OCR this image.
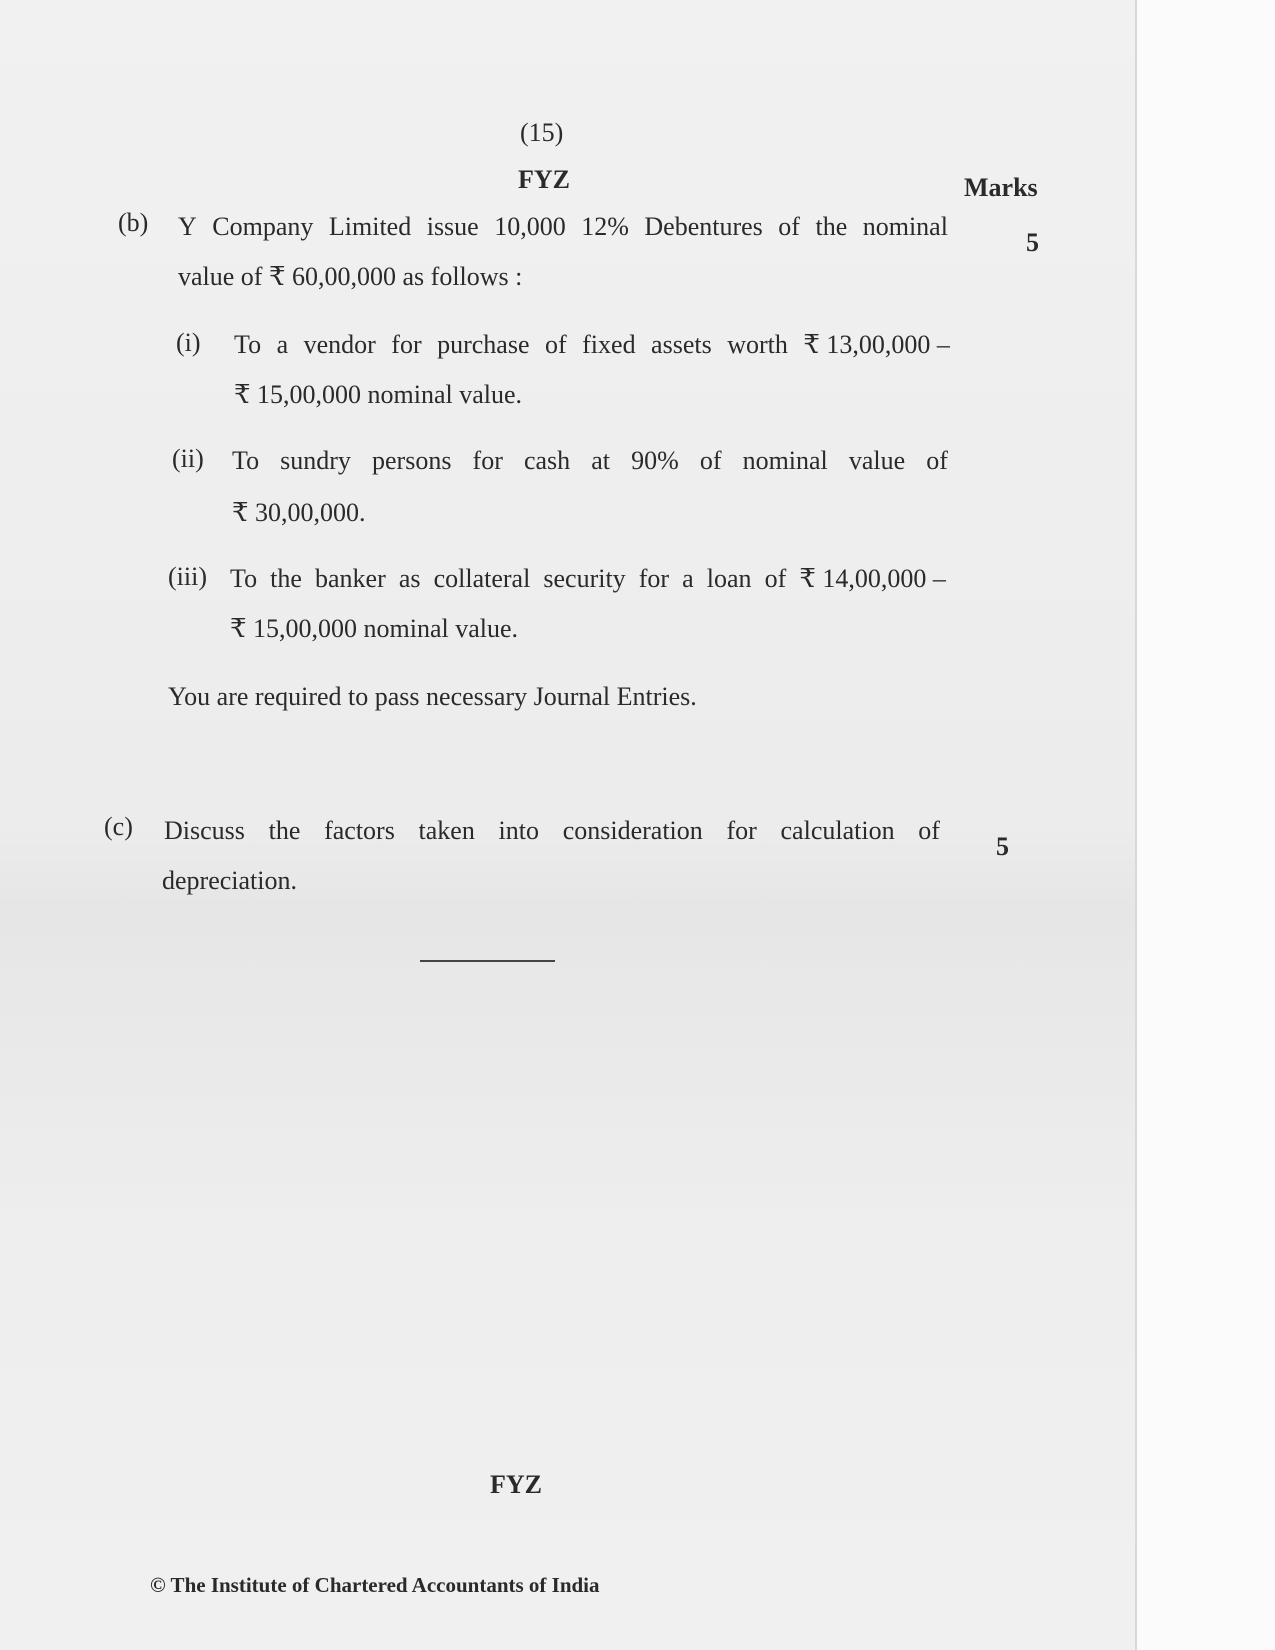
(15)
FYZ	Marks
(b) Y Company Limited issue 10,000 12% Debentures of the nominal
5
value of ₹ 60,00,000 as follows :
(i) To a vendor for purchase of fixed assets worth ₹ 13,00,000 –
₹ 15,00,000 nominal value.
(ii) To sundry persons for cash at 90% of nominal value of
₹ 30,00,000.
(iii) To the banker as collateral security for a loan of ₹ 14,00,000 –
₹ 15,00,000 nominal value.
You are required to pass necessary Journal Entries.
(c) Discuss the factors taken into consideration for calculation of
5
depreciation.
FYZ
© The Institute of Chartered Accountants of India
